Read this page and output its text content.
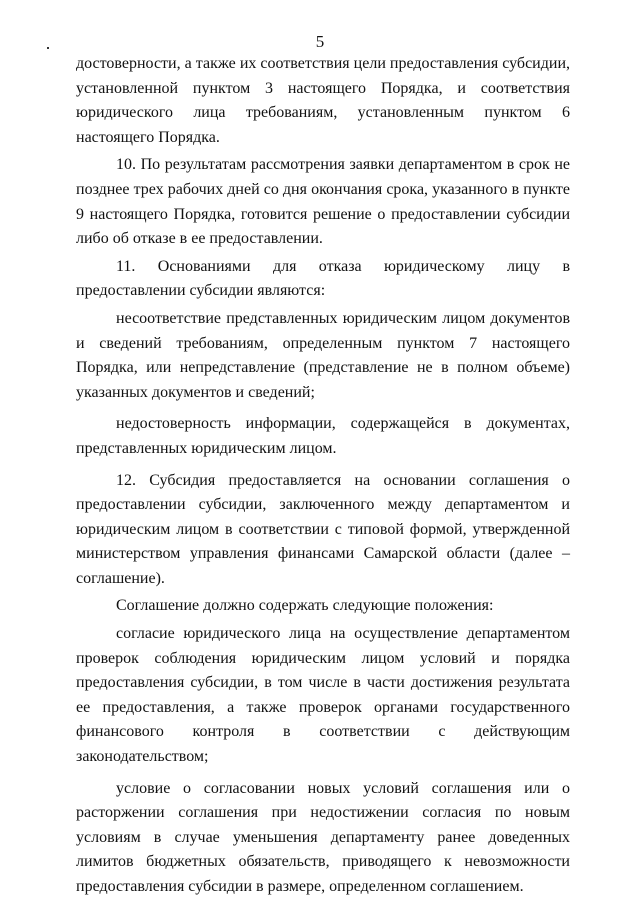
5

достоверности, а также их соответствия цели предоставления субсидии, установленной пунктом 3 настоящего Порядка, и соответствия юридического лица требованиям, установленным пунктом 6 настоящего Порядка.

10. По результатам рассмотрения заявки департаментом в срок не позднее трех рабочих дней со дня окончания срока, указанного в пункте 9 настоящего Порядка, готовится решение о предоставлении субсидии либо об отказе в ее предоставлении.

11. Основаниями для отказа юридическому лицу в предоставлении субсидии являются:

несоответствие представленных юридическим лицом документов и сведений требованиям, определенным пунктом 7 настоящего Порядка, или непредставление (представление не в полном объеме) указанных документов и сведений;

недостоверность информации, содержащейся в документах, представленных юридическим лицом.

12. Субсидия предоставляется на основании соглашения о предоставлении субсидии, заключенного между департаментом и юридическим лицом в соответствии с типовой формой, утвержденной министерством управления финансами Самарской области (далее – соглашение).

Соглашение должно содержать следующие положения:

согласие юридического лица на осуществление департаментом проверок соблюдения юридическим лицом условий и порядка предоставления субсидии, в том числе в части достижения результата ее предоставления, а также проверок органами государственного финансового контроля в соответствии с действующим законодательством;

условие о согласовании новых условий соглашения или о расторжении соглашения при недостижении согласия по новым условиям в случае уменьшения департаменту ранее доведенных лимитов бюджетных обязательств, приводящего к невозможности предоставления субсидии в размере, определенном соглашением.
